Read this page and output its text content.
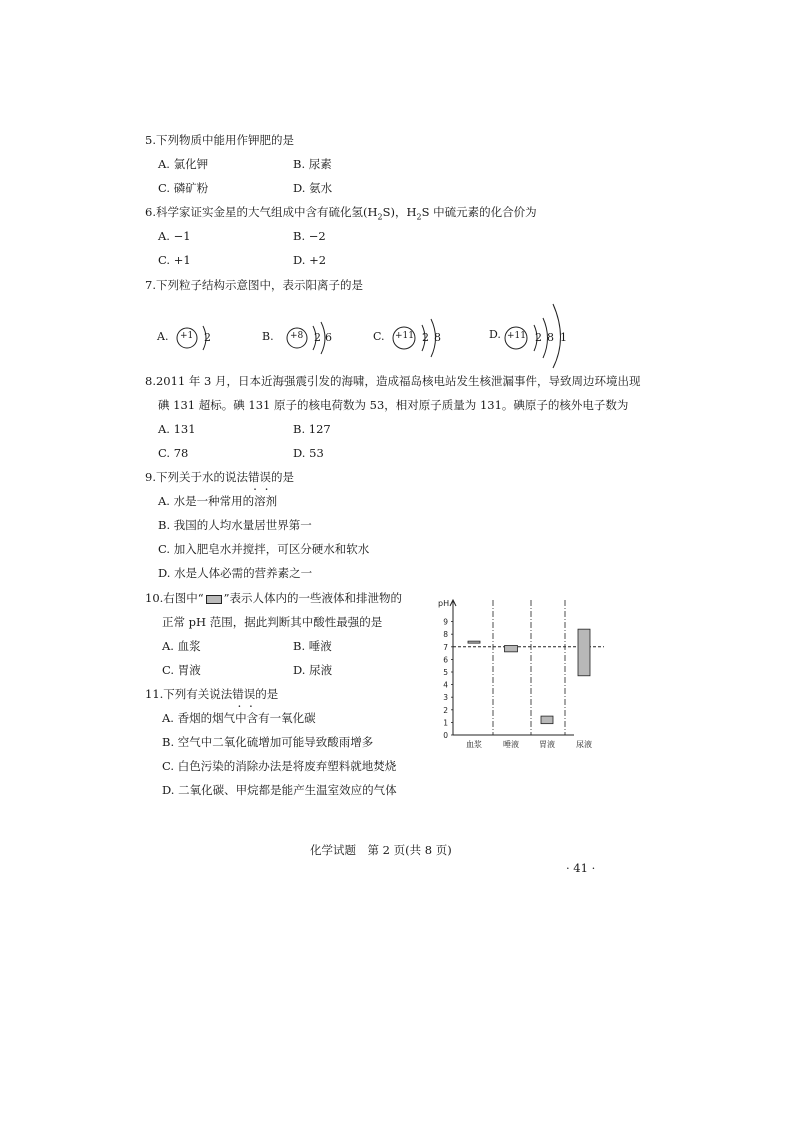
5.下列物质中能用作钾肥的是
A. 氯化钾	B. 尿素
C. 磷矿粉	D. 氨水
6.科学家证实金星的大气组成中含有硫化氢$(H_2S)$，$H_2S$ 中硫元素的化合价为
A. −1	B. −2
C. +1	D. +2
7.下列粒子结构示意图中，表示阳离子的是
A. +1 2	B. +8 2 6	C. +11 2 8	D. +11 2 8 1
8.2011 年 3 月，日本近海强震引发的海啸，造成福岛核电站发生核泄漏事件，导致周边环境出现
碘 131 超标。碘 131 原子的核电荷数为 53，相对原子质量为 131。碘原子的核外电子数为
A. 131	B. 127
C. 78	D. 53
9.下列关于水的说法错误的是
A. 水是一种常用的溶剂
B. 我国的人均水量居世界第一
C. 加入肥皂水并搅拌，可区分硬水和软水
D. 水是人体必需的营养素之一
10.右图中“ ”表示人体内的一些液体和排泄物的
正常 pH 范围，据此判断其中酸性最强的是
A. 血浆	B. 唾液
C. 胃液	D. 尿液
pH
0
1
2
3
4
5
6
7
8
9
血浆	唾液	胃液	尿液
11.下列有关说法错误的是
A. 香烟的烟气中含有一氧化碳
B. 空气中二氧化硫增加可能导致酸雨增多
C. 白色污染的消除办法是将废弃塑料就地焚烧
D. 二氧化碳、甲烷都是能产生温室效应的气体
化学试题　第 2 页(共 8 页)
· 41 ·
